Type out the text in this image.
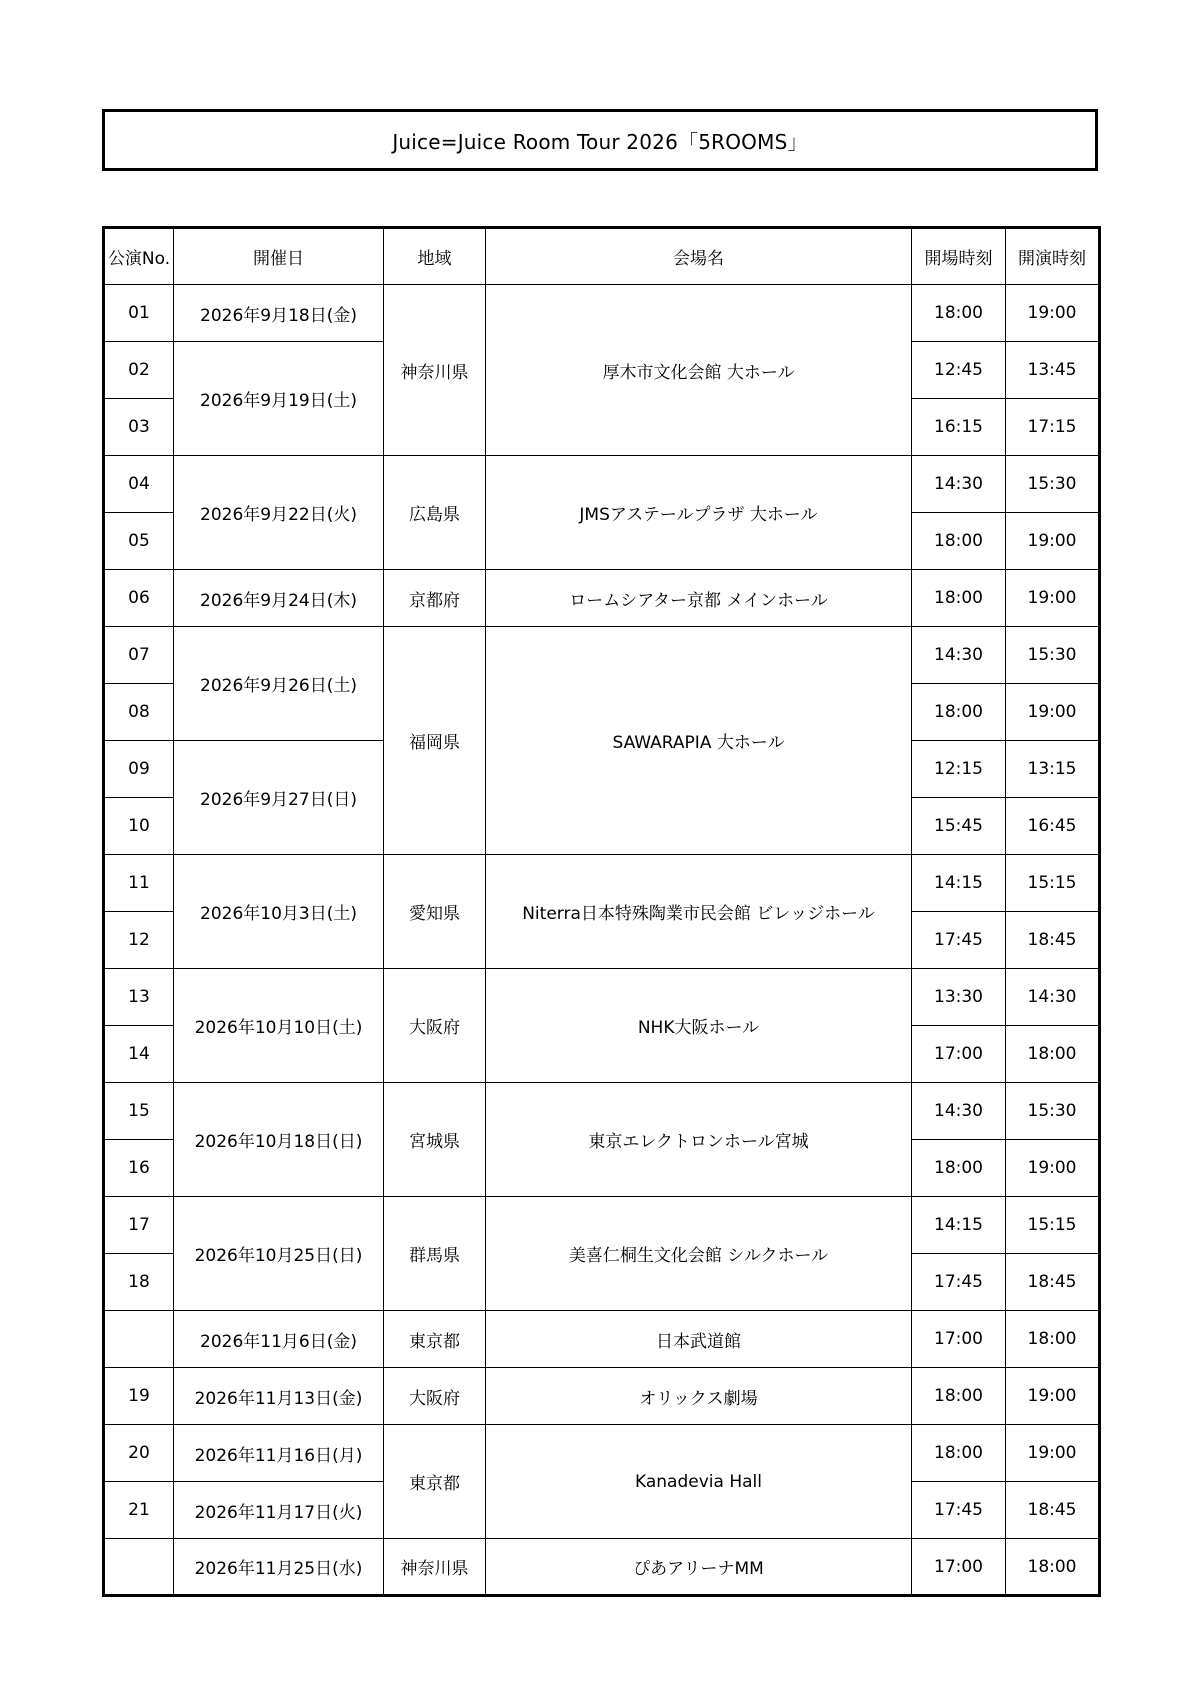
Juice=Juice Room Tour 2026「5ROOMS」
公演No.	開催日	地域	会場名	開場時刻	開演時刻
01	2026年9月18日(金)	神奈川県	厚木市文化会館 大ホール	18:00	19:00
02	2026年9月19日(土)			12:45	13:45
03				16:15	17:15
04	2026年9月22日(火)	広島県	JMSアステールプラザ 大ホール	14:30	15:30
05				18:00	19:00
06	2026年9月24日(木)	京都府	ロームシアター京都 メインホール	18:00	19:00
07	2026年9月26日(土)	福岡県	SAWARAPIA 大ホール	14:30	15:30
08				18:00	19:00
09	2026年9月27日(日)			12:15	13:15
10				15:45	16:45
11	2026年10月3日(土)	愛知県	Niterra日本特殊陶業市民会館 ビレッジホール	14:15	15:15
12				17:45	18:45
13	2026年10月10日(土)	大阪府	NHK大阪ホール	13:30	14:30
14				17:00	18:00
15	2026年10月18日(日)	宮城県	東京エレクトロンホール宮城	14:30	15:30
16				18:00	19:00
17	2026年10月25日(日)	群馬県	美喜仁桐生文化会館 シルクホール	14:15	15:15
18				17:45	18:45
	2026年11月6日(金)	東京都	日本武道館	17:00	18:00
19	2026年11月13日(金)	大阪府	オリックス劇場	18:00	19:00
20	2026年11月16日(月)	東京都	Kanadevia Hall	18:00	19:00
21	2026年11月17日(火)			17:45	18:45
	2026年11月25日(水)	神奈川県	ぴあアリーナMM	17:00	18:00
